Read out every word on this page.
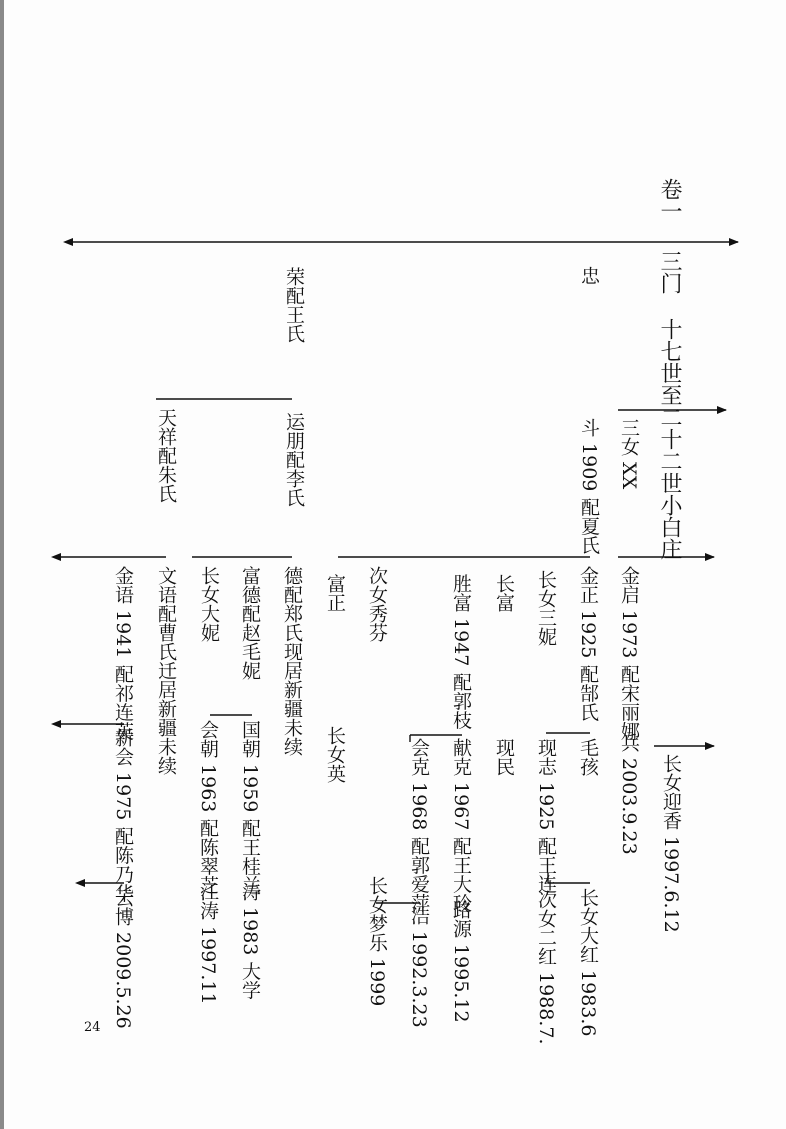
卷一
三门
十七世至二十二世小白庄
荣配王氏
运朋配李氏
天祥配朱氏
忠
斗 1909 配夏氏 三女 XX
金语 1941 配祁连英 文语配曹氏迁居新疆未续 长女大妮 富德配赵毛妮 德配郑氏现居新疆未续 富正 次女秀芬	胜富 1947 配郭枝 长富 长女三妮 金正 1925 配郜氏 金启 1973 配宋丽娜
兵 2003.9.23 长女迎香 1997.6.12
新会 1975 配陈乃华
云博 2009.5.26
会朝 1963 配陈翠芝
江涛 1997.11
国朝 1959 配王桂兰
涛 1983 大学
长女英	会克 1968 配郭爱萍
浩 1992.3.23
长女梦乐 1999
献克 1967 配王大玲
路源 1995.12
现民	毛孩
现志 1925 配王连
长女大红 1983.6
次女二红 1988.7.
24
